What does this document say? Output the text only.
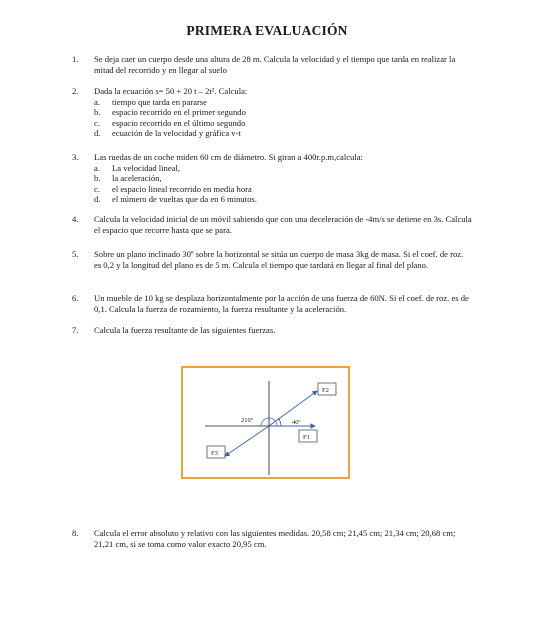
PRIMERA EVALUACIÓN
1. Se deja caer un cuerpo desde una altura de 28 m. Calcula la velocidad y el tiempo que tarda en realizar la mitad del recorrido y en llegar al suelo
2. Dada la ecuación s= 50 + 20 t – 2t². Calcula:
a. tiempo que tarda en pararse
b. espacio recorrido en el primer segundo
c. espacio recorrido en el último segundo
d. ecuación de la velocidad y gráfica v-t
3. Las ruedas de un coche miden 60 cm de diámetro. Si giran a 400r.p.m,calcula:
a. La velocidad lineal,
b. la aceleración,
c. el espacio lineal recorrido en media hora
d. el número de vueltas que da en 6 minutos.
4. Calcula la velocidad inicial de un móvil sabiendo que con una deceleración de -4m/s se detiene en 3s. Calcula el espacio que recorre hasta que se para.
5. Sobre un plano inclinado 30º sobre la horizontal se sitúa un cuerpo de masa 3kg de masa. Si el coef. de roz. es 0,2 y la longitud del plano es de 5 m. Calcula el tiempo que tardará en llegar al final del plano.
6. Un mueble de 10 kg se desplaza horizontalmente por la acción de una fuerza de 60N. Si el coef. de roz. es de 0,1. Calcula la fuerza de rozamiento, la fuerza resultante y la aceleración.
7. Calcula la fuerza resultante de las siguientes fuerzas.
F2
F1
F3
210º	40º
8. Calcula el error absoluto y relativo con las siguientes medidas. 20,58 cm; 21,45 cm; 21,34 cm; 20,68 cm; 21,21 cm, si se toma como valor exacto 20,95 cm.
